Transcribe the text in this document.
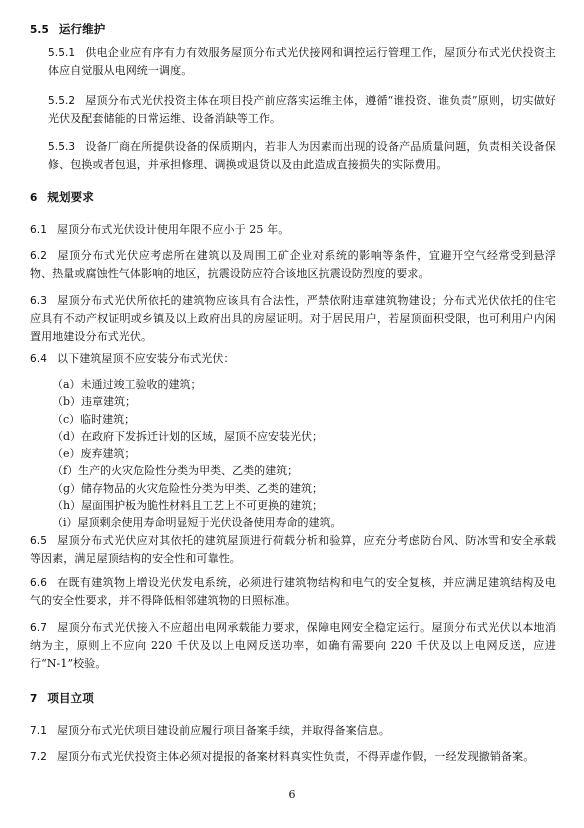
5.5 运行维护

5.5.1 供电企业应有序有力有效服务屋顶分布式光伏接网和调控运行管理工作，屋顶分布式光伏投资主体应自觉服从电网统一调度。

5.5.2 屋顶分布式光伏投资主体在项目投产前应落实运维主体，遵循“谁投资、谁负责”原则，切实做好光伏及配套储能的日常运维、设备消缺等工作。

5.5.3 设备厂商在所提供设备的保质期内，若非人为因素而出现的设备产品质量问题，负责相关设备保修、包换或者包退，并承担修理、调换或退货以及由此造成直接损失的实际费用。

6 规划要求

6.1 屋顶分布式光伏设计使用年限不应小于 25 年。

6.2 屋顶分布式光伏应考虑所在建筑以及周围工矿企业对系统的影响等条件，宜避开空气经常受到悬浮物、热量或腐蚀性气体影响的地区，抗震设防应符合该地区抗震设防烈度的要求。

6.3 屋顶分布式光伏所依托的建筑物应该具有合法性，严禁依附违章建筑物建设；分布式光伏依托的住宅应具有不动产权证明或乡镇及以上政府出具的房屋证明。对于居民用户，若屋顶面积受限，也可利用户内闲置用地建设分布式光伏。

6.4 以下建筑屋顶不应安装分布式光伏：

（a）未通过竣工验收的建筑；
（b）违章建筑；
（c）临时建筑；
（d）在政府下发拆迁计划的区域，屋顶不应安装光伏；
（e）废弃建筑；
（f）生产的火灾危险性分类为甲类、乙类的建筑；
（g）储存物品的火灾危险性分类为甲类、乙类的建筑；
（h）屋面围护板为脆性材料且工艺上不可更换的建筑；
（i）屋顶剩余使用寿命明显短于光伏设备使用寿命的建筑。

6.5 屋顶分布式光伏应对其依托的建筑屋顶进行荷载分析和验算，应充分考虑防台风、防冰雪和安全承载等因素，满足屋顶结构的安全性和可靠性。

6.6 在既有建筑物上增设光伏发电系统，必须进行建筑物结构和电气的安全复核，并应满足建筑结构及电气的安全性要求，并不得降低相邻建筑物的日照标准。

6.7 屋顶分布式光伏接入不应超出电网承载能力要求，保障电网安全稳定运行。屋顶分布式光伏以本地消纳为主，原则上不应向 220 千伏及以上电网反送功率，如确有需要向 220 千伏及以上电网反送，应进行“N-1”校验。

7 项目立项

7.1 屋顶分布式光伏项目建设前应履行项目备案手续，并取得备案信息。

7.2 屋顶分布式光伏投资主体必须对提报的备案材料真实性负责，不得弄虚作假，一经发现撤销备案。

6
